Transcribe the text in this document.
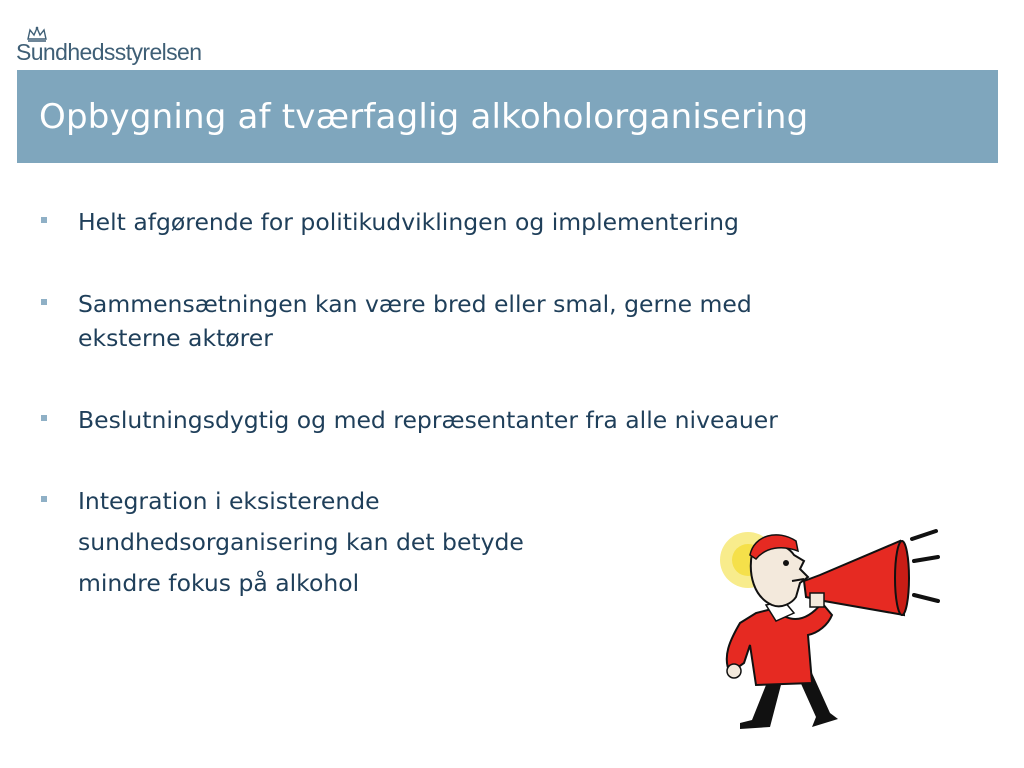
Sundhedsstyrelsen
Opbygning af tværfaglig alkoholorganisering
Helt afgørende for politikudviklingen og implementering
Sammensætningen kan være bred eller smal, gerne med
eksterne aktører
Beslutningsdygtig og med repræsentanter fra alle niveauer
Integration i eksisterende
sundhedsorganisering kan det betyde
mindre fokus på alkohol
